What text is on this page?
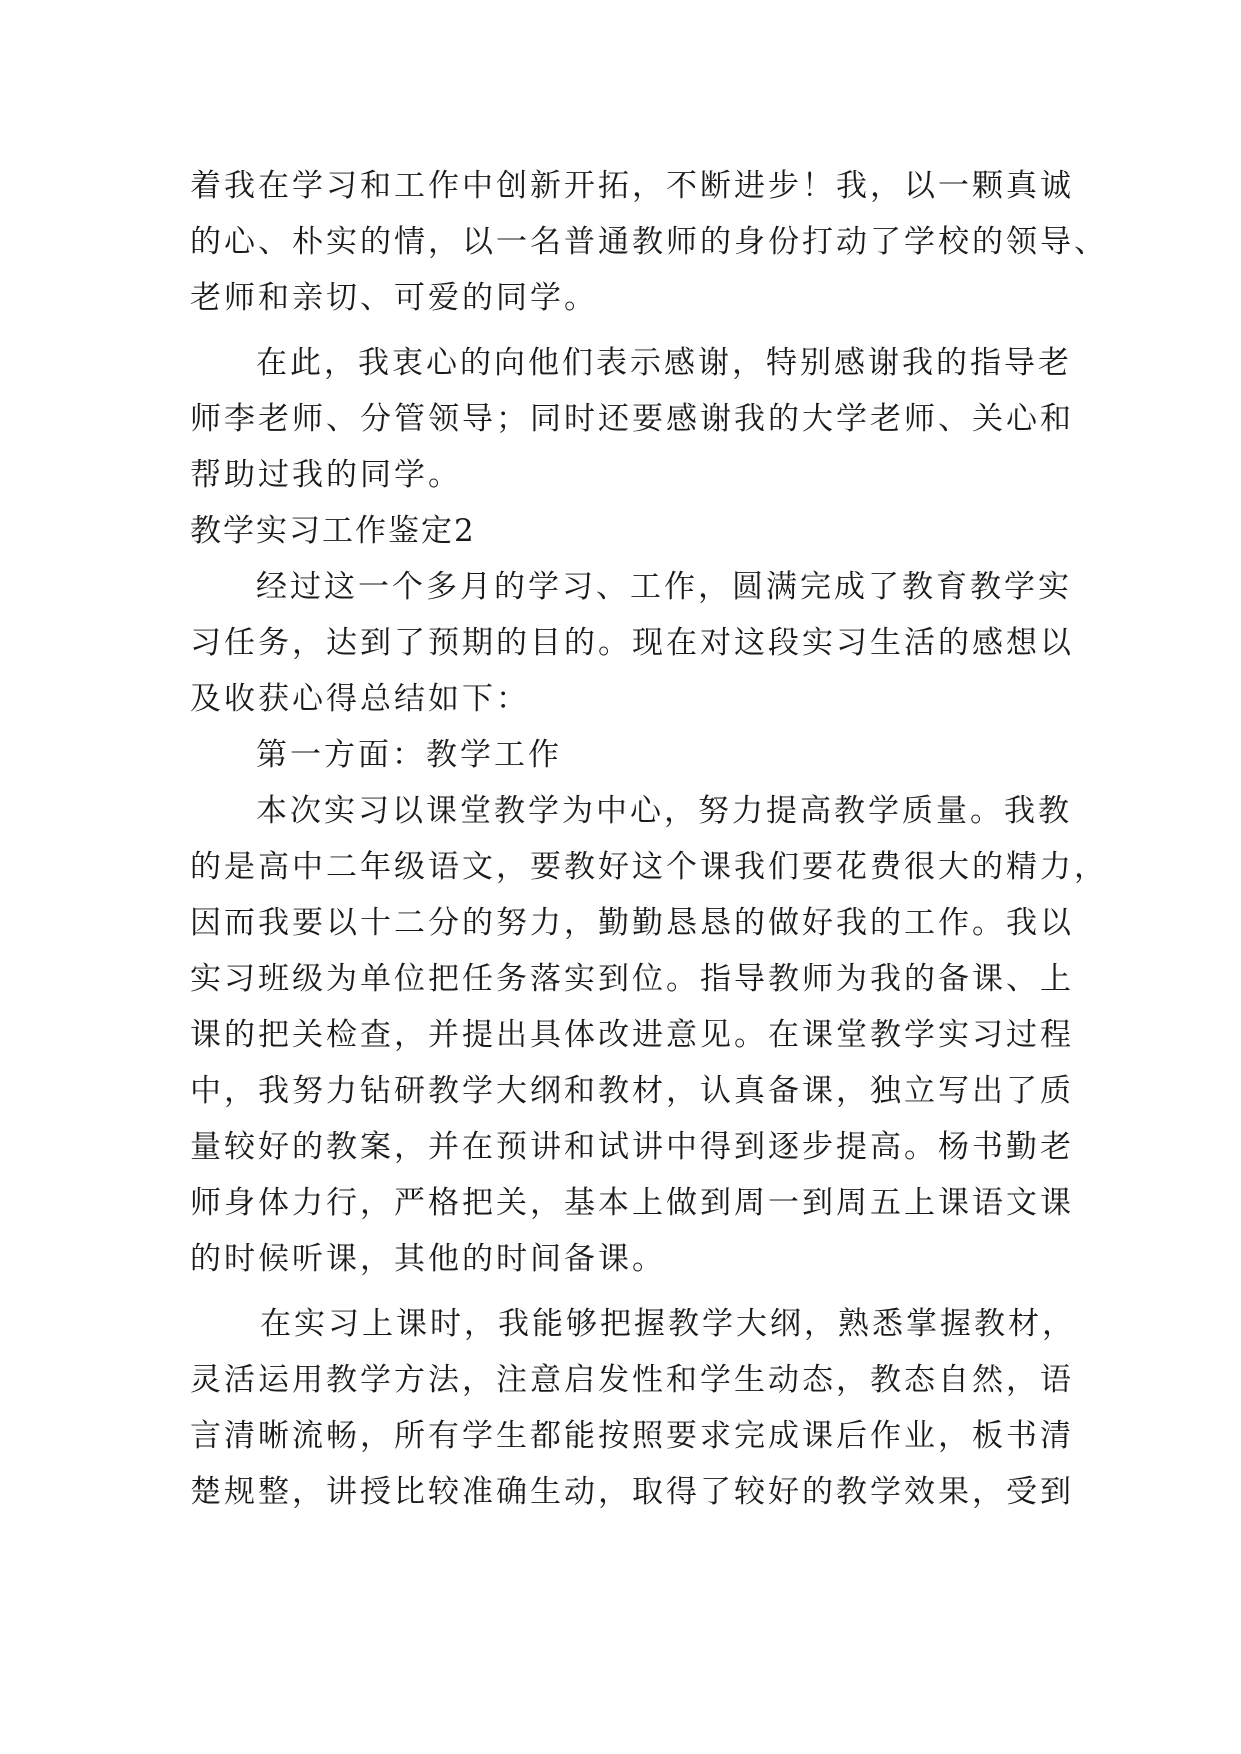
着我在学习和工作中创新开拓，不断进步！我，以一颗真诚
的心、朴实的情，以一名普通教师的身份打动了学校的领导、
老师和亲切、可爱的同学。
在此，我衷心的向他们表示感谢，特别感谢我的指导老
师李老师、分管领导；同时还要感谢我的大学老师、关心和
帮助过我的同学。
教学实习工作鉴定2
经过这一个多月的学习、工作，圆满完成了教育教学实
习任务，达到了预期的目的。现在对这段实习生活的感想以
及收获心得总结如下：
第一方面：教学工作
本次实习以课堂教学为中心，努力提高教学质量。我教
的是高中二年级语文，要教好这个课我们要花费很大的精力，
因而我要以十二分的努力，勤勤恳恳的做好我的工作。我以
实习班级为单位把任务落实到位。指导教师为我的备课、上
课的把关检查，并提出具体改进意见。在课堂教学实习过程
中，我努力钻研教学大纲和教材，认真备课，独立写出了质
量较好的教案，并在预讲和试讲中得到逐步提高。杨书勤老
师身体力行，严格把关，基本上做到周一到周五上课语文课
的时候听课，其他的时间备课。
在实习上课时，我能够把握教学大纲，熟悉掌握教材，
灵活运用教学方法，注意启发性和学生动态，教态自然，语
言清晰流畅，所有学生都能按照要求完成课后作业，板书清
楚规整，讲授比较准确生动，取得了较好的教学效果，受到
